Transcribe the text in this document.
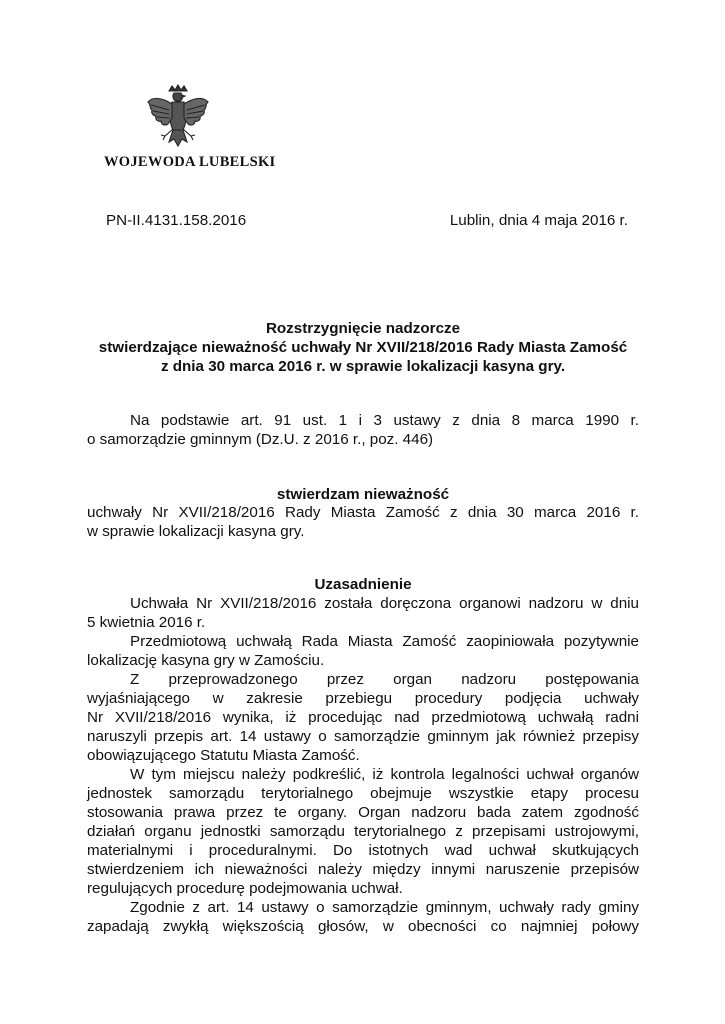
WOJEWODA LUBELSKI
PN-II.4131.158.2016	Lublin, dnia 4 maja 2016 r.
Rozstrzygnięcie nadzorcze
stwierdzające nieważność uchwały Nr XVII/218/2016 Rady Miasta Zamość
z dnia 30 marca 2016 r. w sprawie lokalizacji kasyna gry.
Na podstawie art. 91 ust. 1 i 3 ustawy z dnia 8 marca 1990 r.
o samorządzie gminnym (Dz.U. z 2016 r., poz. 446)
stwierdzam nieważność
uchwały Nr XVII/218/2016 Rady Miasta Zamość z dnia 30 marca 2016 r.
w sprawie lokalizacji kasyna gry.
Uzasadnienie
Uchwała Nr XVII/218/2016 została doręczona organowi nadzoru w dniu
5 kwietnia 2016 r.
Przedmiotową uchwałą Rada Miasta Zamość zaopiniowała pozytywnie
lokalizację kasyna gry w Zamościu.
Z przeprowadzonego przez organ nadzoru postępowania
wyjaśniającego w zakresie przebiegu procedury podjęcia uchwały
Nr XVII/218/2016 wynika, iż procedując nad przedmiotową uchwałą radni
naruszyli przepis art. 14 ustawy o samorządzie gminnym jak również przepisy
obowiązującego Statutu Miasta Zamość.
W tym miejscu należy podkreślić, iż kontrola legalności uchwał organów
jednostek samorządu terytorialnego obejmuje wszystkie etapy procesu
stosowania prawa przez te organy. Organ nadzoru bada zatem zgodność
działań organu jednostki samorządu terytorialnego z przepisami ustrojowymi,
materialnymi i proceduralnymi. Do istotnych wad uchwał skutkujących
stwierdzeniem ich nieważności należy między innymi naruszenie przepisów
regulujących procedurę podejmowania uchwał.
Zgodnie z art. 14 ustawy o samorządzie gminnym, uchwały rady gminy
zapadają zwykłą większością głosów, w obecności co najmniej połowy
